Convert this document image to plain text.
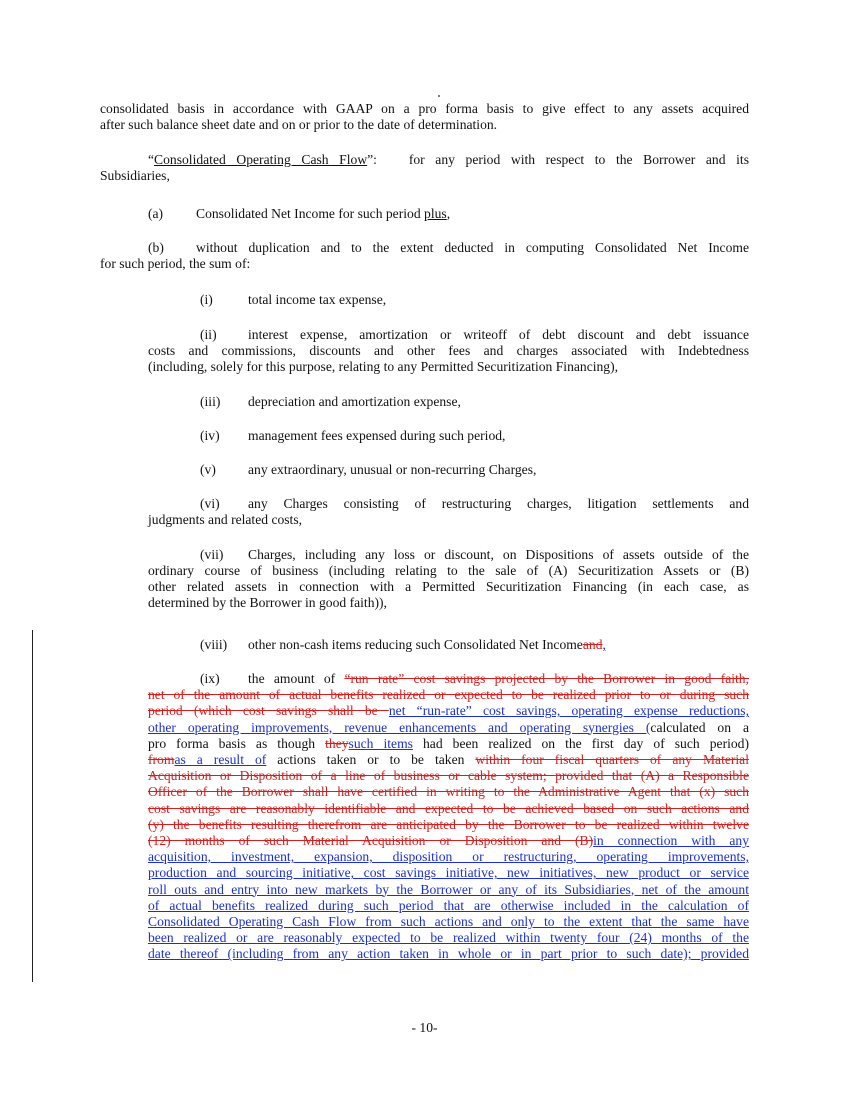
consolidated basis in accordance with GAAP on a pro forma basis to give effect to any assets acquired

after such balance sheet date and on or prior to the date of determination.

“Consolidated Operating Cash Flow”: for any period with respect to the Borrower and its

Subsidiaries,

(a) Consolidated Net Income for such period plus,

(b) without duplication and to the extent deducted in computing Consolidated Net Income

for such period, the sum of:

(i)	total income tax expense,

(ii) interest expense, amortization or writeoff of debt discount and debt issuance

costs and commissions, discounts and other fees and charges associated with Indebtedness

(including, solely for this purpose, relating to any Permitted Securitization Financing),

(iii) depreciation and amortization expense,

(iv) management fees expensed during such period,

(v) any extraordinary, unusual or non-recurring Charges,

(vi) any Charges consisting of restructuring charges, litigation settlements and

judgments and related costs,

(vii) Charges, including any loss or discount, on Dispositions of assets outside of the

ordinary course of business (including relating to the sale of (A) Securitization Assets or (B)

other related assets in connection with a Permitted Securitization Financing (in each case, as

determined by the Borrower in good faith)),

(viii) other non-cash items reducing such Consolidated Net Incomeand,

(ix) the amount of “run rate” cost savings projected by the Borrower in good faith,

net of the amount of actual benefits realized or expected to be realized prior to or during such

period (which cost savings shall be net “run-rate” cost savings, operating expense reductions,

other operating improvements, revenue enhancements and operating synergies (calculated on a

pro forma basis as though theysuch items had been realized on the first day of such period)

fromas a result of actions taken or to be taken within four fiscal quarters of any Material

Acquisition or Disposition of a line of business or cable system; provided that (A) a Responsible

Officer of the Borrower shall have certified in writing to the Administrative Agent that (x) such

cost savings are reasonably identifiable and expected to be achieved based on such actions and

(y) the benefits resulting therefrom are anticipated by the Borrower to be realized within twelve

(12) months of such Material Acquisition or Disposition and (B)in connection with any

acquisition, investment, expansion, disposition or restructuring, operating improvements,

production and sourcing initiative, cost savings initiative, new initiatives, new product or service

roll outs and entry into new markets by the Borrower or any of its Subsidiaries, net of the amount

of actual benefits realized during such period that are otherwise included in the calculation of

Consolidated Operating Cash Flow from such actions and only to the extent that the same have

been realized or are reasonably expected to be realized within twenty four (24) months of the

date thereof (including from any action taken in whole or in part prior to such date); provided

- 10-
